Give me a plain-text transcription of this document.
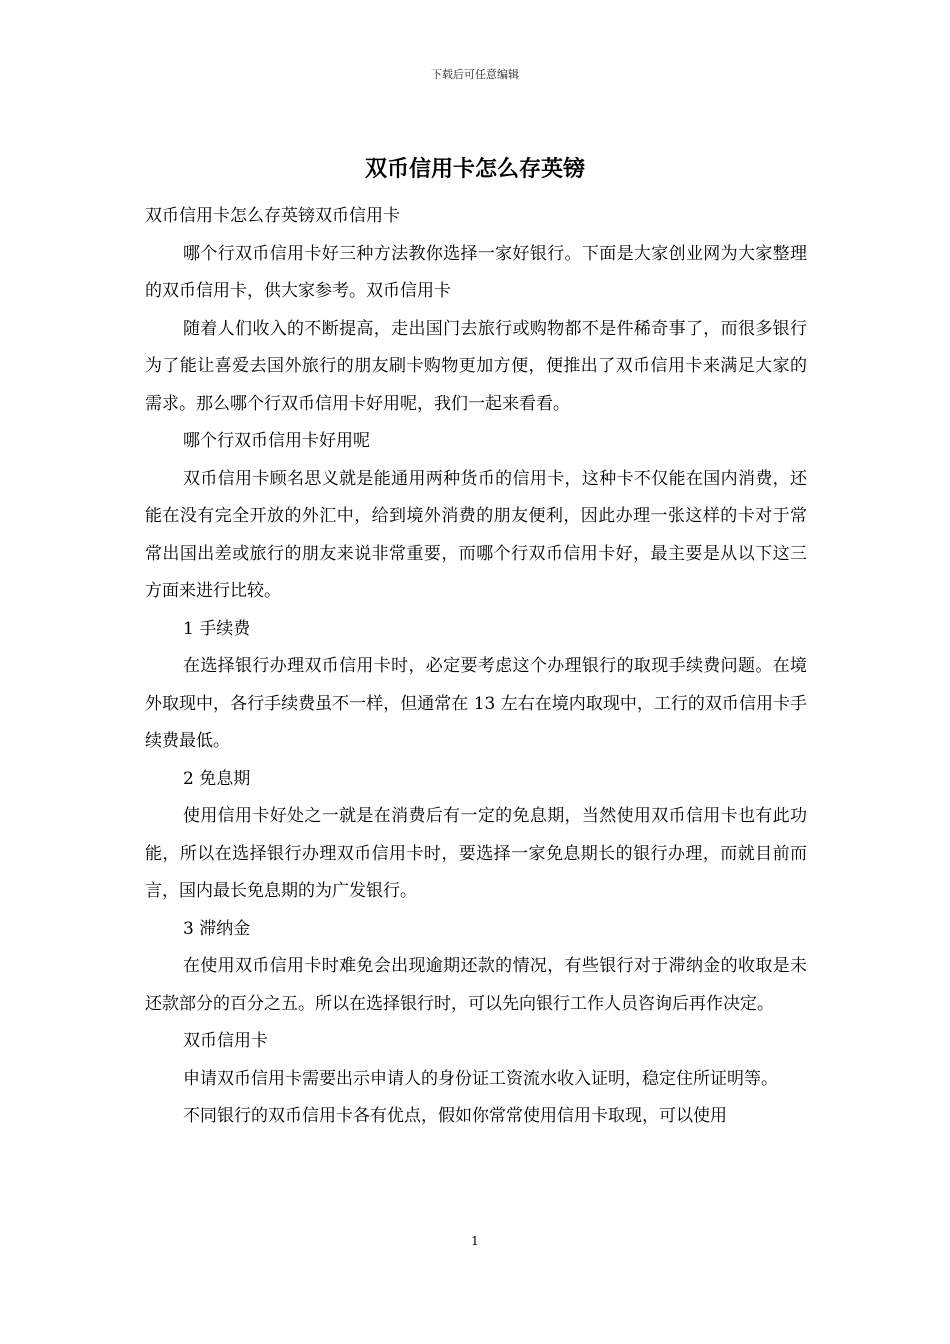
下载后可任意编辑
双币信用卡怎么存英镑

双币信用卡怎么存英镑双币信用卡

哪个行双币信用卡好三种方法教你选择一家好银行。下面是大家创业网为大家整理的双币信用卡，供大家参考。双币信用卡

随着人们收入的不断提高，走出国门去旅行或购物都不是件稀奇事了，而很多银行为了能让喜爱去国外旅行的朋友刷卡购物更加方便，便推出了双币信用卡来满足大家的需求。那么哪个行双币信用卡好用呢，我们一起来看看。

哪个行双币信用卡好用呢

双币信用卡顾名思义就是能通用两种货币的信用卡，这种卡不仅能在国内消费，还能在没有完全开放的外汇中，给到境外消费的朋友便利，因此办理一张这样的卡对于常常出国出差或旅行的朋友来说非常重要，而哪个行双币信用卡好，最主要是从以下这三方面来进行比较。

1 手续费

在选择银行办理双币信用卡时，必定要考虑这个办理银行的取现手续费问题。在境外取现中，各行手续费虽不一样，但通常在 13 左右在境内取现中，工行的双币信用卡手续费最低。

2 免息期

使用信用卡好处之一就是在消费后有一定的免息期，当然使用双币信用卡也有此功能，所以在选择银行办理双币信用卡时，要选择一家免息期长的银行办理，而就目前而言，国内最长免息期的为广发银行。

3 滞纳金

在使用双币信用卡时难免会出现逾期还款的情况，有些银行对于滞纳金的收取是未还款部分的百分之五。所以在选择银行时，可以先向银行工作人员咨询后再作决定。

双币信用卡

申请双币信用卡需要出示申请人的身份证工资流水收入证明，稳定住所证明等。

不同银行的双币信用卡各有优点，假如你常常使用信用卡取现，可以使用

1
